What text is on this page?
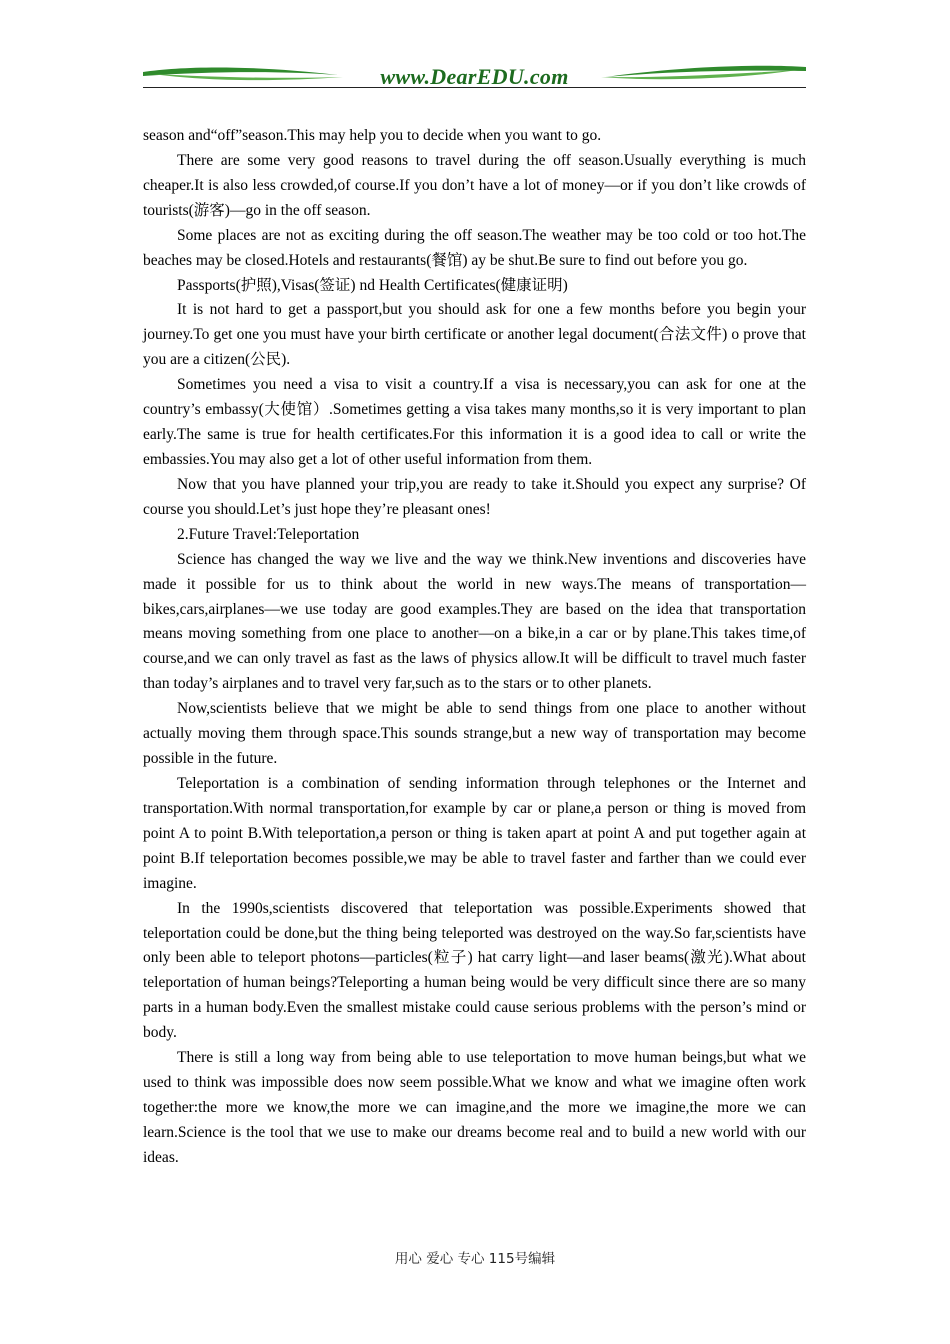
www.DearEDU.com

season and“off”season.This may help you to decide when you want to go.

There are some very good reasons to travel during the off season.Usually everything is much cheaper.It is also less crowded,of course.If you don’t have a lot of money—or if you don’t like crowds of tourists(游客)—go in the off season.

Some places are not as exciting during the off season.The weather may be too cold or too hot.The beaches may be closed.Hotels and restaurants(餐馆) ay be shut.Be sure to find out before you go.

Passports(护照),Visas(签证) nd Health Certificates(健康证明)

It is not hard to get a passport,but you should ask for one a few months before you begin your journey.To get one you must have your birth certificate or another legal document(合法文件) o prove that you are a citizen(公民).

Sometimes you need a visa to visit a country.If a visa is necessary,you can ask for one at the country’s embassy(大使馆）.Sometimes getting a visa takes many months,so it is very important to plan early.The same is true for health certificates.For this information it is a good idea to call or write the embassies.You may also get a lot of other useful information from them.

Now that you have planned your trip,you are ready to take it.Should you expect any surprise? Of course you should.Let’s just hope they’re pleasant ones!

2.Future Travel:Teleportation

Science has changed the way we live and the way we think.New inventions and discoveries have made it possible for us to think about the world in new ways.The means of transportation—bikes,cars,airplanes—we use today are good examples.They are based on the idea that transportation means moving something from one place to another—on a bike,in a car or by plane.This takes time,of course,and we can only travel as fast as the laws of physics allow.It will be difficult to travel much faster than today’s airplanes and to travel very far,such as to the stars or to other planets.

Now,scientists believe that we might be able to send things from one place to another without actually moving them through space.This sounds strange,but a new way of transportation may become possible in the future.

Teleportation is a combination of sending information through telephones or the Internet and transportation.With normal transportation,for example by car or plane,a person or thing is moved from point A to point B.With teleportation,a person or thing is taken apart at point A and put together again at point B.If teleportation becomes possible,we may be able to travel faster and farther than we could ever imagine.

In the 1990s,scientists discovered that teleportation was possible.Experiments showed that teleportation could be done,but the thing being teleported was destroyed on the way.So far,scientists have only been able to teleport photons—particles(粒子) hat carry light—and laser beams(激光).What about teleportation of human beings?Teleporting a human being would be very difficult since there are so many parts in a human body.Even the smallest mistake could cause serious problems with the person’s mind or body.

There is still a long way from being able to use teleportation to move human beings,but what we used to think was impossible does now seem possible.What we know and what we imagine often work together:the more we know,the more we can imagine,and the more we imagine,the more we can learn.Science is the tool that we use to make our dreams become real and to build a new world with our ideas.

用心 爱心 专心 115号编辑
